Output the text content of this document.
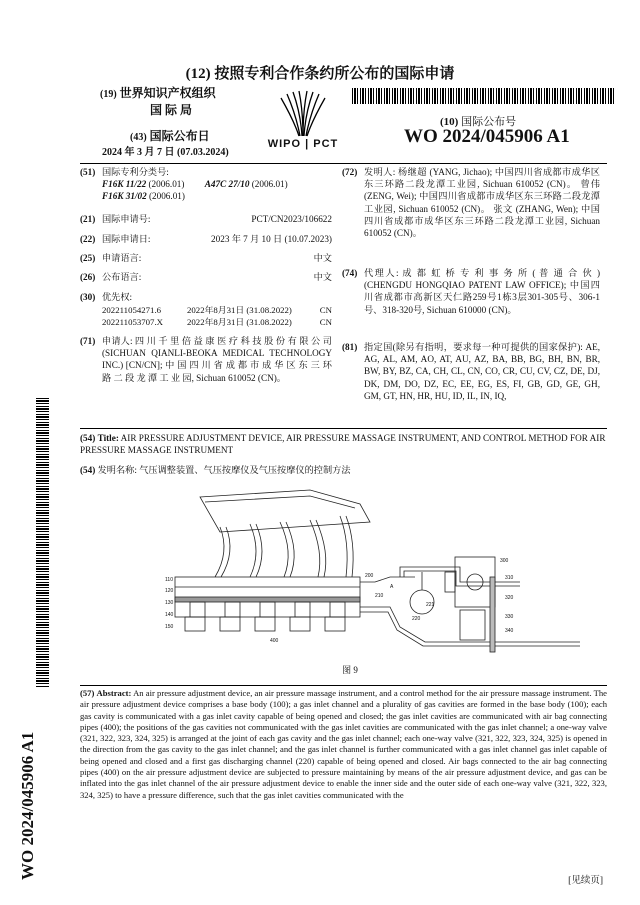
(12) 按照专利合作条约所公布的国际申请
(19) 世界知识产权组织
国 际 局
(43) 国际公布日
2024 年 3 月 7 日 (07.03.2024)
WIPO | PCT
(10) 国际公布号
WO 2024/045906 A1
WO 2024/045906 A1
(51) 国际专利分类号:
F16K 11/22 (2006.01) A47C 27/10 (2006.01)
F16K 31/02 (2006.01)
(21) 国际申请号:	PCT/CN2023/106622
(22) 国际申请日:	2023 年 7 月 10 日 (10.07.2023)
(25) 申请语言:	中文
(26) 公布语言:	中文
(30) 优先权:
202211054271.6	2022年8月31日 (31.08.2022)	CN
202211053707.X	2022年8月31日 (31.08.2022)	CN
(71) 申请人: 四 川 千 里 倍 益 康 医 疗 科 技 股 份 有 限 公 司 (SICHUAN QIANLI-BEOKA MEDICAL TECHNOLOGY INC.) [CN/CN]; 中 国 四 川 省 成 都 市 成 华 区 东 三 环 路 二 段 龙 潭 工 业 园, Sichuan 610052 (CN)。
(72) 发明人: 杨继超 (YANG, Jichao); 中国四川省成都市成华区东三环路二段龙潭工业园, Sichuan 610052 (CN)。 曾伟 (ZENG, Wei); 中国四川省成都市成华区东三环路二段龙潭工业园, Sichuan 610052 (CN)。 张文 (ZHANG, Wen); 中国四川省成都市成华区东三环路二段龙潭工业园, Sichuan 610052 (CN)。
(74) 代理人: 成 都 虹 桥 专 利 事 务 所 ( 普 通 合 伙 ) (CHENGDU HONGQIAO PATENT LAW OFFICE); 中国四川省成都市高新区天仁路259号1栋3层301-305号、306-1号、318-320号, Sichuan 610000 (CN)。
(81) 指定国(除另有指明，要求每一种可提供的国家保护): AE, AG, AL, AM, AO, AT, AU, AZ, BA, BB, BG, BH, BN, BR, BW, BY, BZ, CA, CH, CL, CN, CO, CR, CU, CV, CZ, DE, DJ, DK, DM, DO, DZ, EC, EE, EG, ES, FI, GB, GD, GE, GH, GM, GT, HN, HR, HU, ID, IL, IN, IQ,
(54) Title: AIR PRESSURE ADJUSTMENT DEVICE, AIR PRESSURE MASSAGE INSTRUMENT, AND CONTROL METHOD FOR AIR PRESSURE MASSAGE INSTRUMENT
(54) 发明名称: 气压调整装置、气压按摩仪及气压按摩仪的控制方法
110
120
130
140
150
200
210
220
221
300
310
320
330
340
400
A
图 9
(57) Abstract: An air pressure adjustment device, an air pressure massage instrument, and a control method for the air pressure massage instrument. The air pressure adjustment device comprises a base body (100); a gas inlet channel and a plurality of gas cavities are formed in the base body (100); each gas cavity is communicated with a gas inlet cavity capable of being opened and closed; the gas inlet cavities are communicated with air bag connecting pipes (400); the positions of the gas cavities not communicated with the gas inlet cavities are communicated with the gas inlet channel; a one-way valve (321, 322, 323, 324, 325) is arranged at the joint of each gas cavity and the gas inlet channel; each one-way valve (321, 322, 323, 324, 325) is opened in the direction from the gas cavity to the gas inlet channel; and the gas inlet channel is further communicated with a gas inlet channel gas inlet capable of being opened and closed and a first gas discharging channel (220) capable of being opened and closed. Air bags connected to the air bag connecting pipes (400) on the air pressure adjustment device are subjected to pressure maintaining by means of the air pressure adjustment device, and gas can be inflated into the gas inlet channel of the air pressure adjustment device to enable the inner side and the outer side of each one-way valve (321, 322, 323, 324, 325) to have a pressure difference, such that the gas inlet cavities communicated with the
[见续页]
